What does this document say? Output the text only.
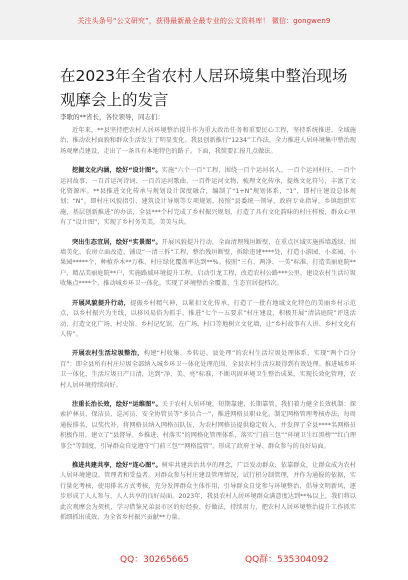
关注头条号“公文研究”，获得最新最全最专业的公文资料库！ 微信：gongwen9
在2023年全省农村人居环境集中整治现场观摩会上的发言
李歌的**省长，各位领导，同志们：

近年来，**县坚持把农村人居环境整治提升作为重大政治任务和重要民心工程，坚持系统推进、全域施治，推动农村面貌和群众生活发生了明显变化。我县创新推行“1234”工作法，全力推进人居环境集中整治现场观摩点建设，走出了一条具有本地特色的路子。下面，我简要汇报几点做法。

挖掘文化内涵，绘好“设计图”。实施“六个一百”工程，围绕一百个运河名人、一百个运河村庄、一百个运河故事、一百首运河诗词、一百首运河歌曲、一百件运河文物，梳理文化传承，提炼文化符号，丰富了文化资源库。**县推进文化传承与规划设计深度融合，编制了“1+N”规划体系，“1”，即村庄建设总体规划；“N”，即村庄风貌指引、建筑设计导则等专项规划。按照“县委统一领导、政府专业指导、乡镇组织实施、基层创新推进”的办法，全县***个村完成了乡村振兴规划，打造了具有文化韵味的村庄样板，群众心里有了“设计图”，实现了乡村务美美，美美与共。

突出生态宜居，绘好“实景图”。开展风貌提升行动，全面清理残垣断壁，在重点区域实施拆墙透绿、围墙美化、农房立面改造、铺设“一清三拆”工程，整治残垣断壁，拆除违建****处，打造小游园、小菜园、小果园*****个，种植乔木**万株、村庄绿化覆盖率达到**%。按照“三有、两净、一美”标准，打造美丽庭院**户、精品美丽庭院**户，实施路域环境提升工程，启动引龙工程，改造农村公路***公里，建设农村生活垃圾收集点****个，推动城乡环卫一体化，实现了环境整治全覆盖、生态宜居提档次。

开展风貌提升行动，提振乡村精气神，以紧扣文化传承，打造了一批有地域文化特色的美丽乡村示范点，以乡村振兴为主线，以移风易俗为抓手，推进“七个一五要求”村庄建设，积极开展“清洁庭院”评选活动，打造文化广场、村史馆、乡村记忆馆，在广场、村口等地树立文化墙，让“乡村故事有人讲、乡村文化有人传”。

开展农村生活垃圾整治，构建“村收集、乡转运、县处理”的农村生活垃圾处理体系，实现“两个百分百”：即全县所有村庄垃圾全部纳入城乡环卫一体化处理范围、全县农村生活垃圾得到有效处理。推进城乡环卫一体化，生活垃圾日产日清，达到“净、美、亮”标准，不断巩固环境卫生整治成果，实现长效化管理，农村人居环境持续向好。

注重长治长效，绘好“运维图”。关于农村人居环境，短期靠建、长期靠管。我们着力健全长效机制：探索护林员、保洁员、巡河员、安全协管员等“多员合一”，推进网格员职业化，制定网格管理考核办法，每周通报排名，以奖代补，将网格员纳入网格员队伍，为农村网格员提供稳定收入，并发挥了全县****名网格员积极作用，建立了“县督导、乡推进、村落实”的网格化管理体系，落实“门前三包”“环境卫生红黑榜”“红白理事会”等制度，引导群众自觉遵守“门前三包”“网格监管”，形成了政府主导、群众参与的良好局面。

推进共建共享，绘好“连心图”。树牢共建共治共享的理念，广泛发动群众、依靠群众，让群众成为农村人居环境建设、管理者和受益者。对群众参与村庄建设管理情况，试行积分制管理，并作为通报的依据，实行量化考核，使用排名方式考核，充分发挥群众主体作用，引导群众自觉参与环境整治，倡导文明新风，逐步形成了人人参与、人人共享的良好局面。2023年，我县农村人居环境群众满意度达到**%以上，我们将以此次观摩会为契机，学习借鉴兄弟县市区的好经验、好做法，持续用力，把农村人居环境整治提升工作抓实抓细抓出成效，为全省乡村振兴贡献**力量。

QQ：30265665	QQ群：535304092
